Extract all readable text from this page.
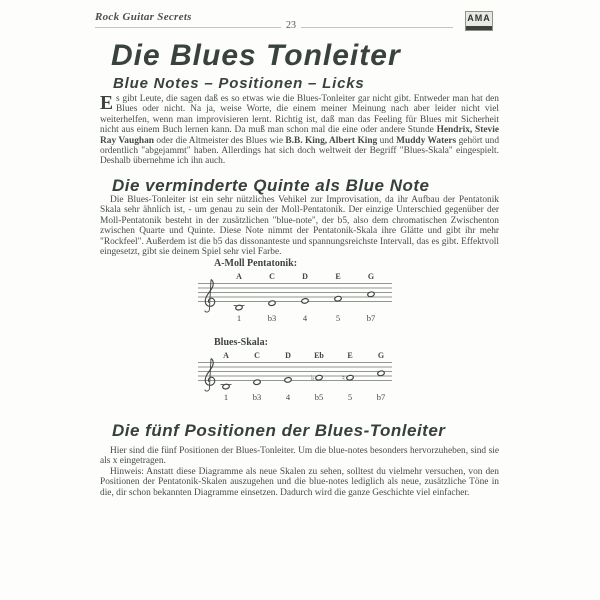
Rock Guitar Secrets
23
AMA
Die Blues Tonleiter
Blue Notes – Positionen – Licks

Es gibt Leute, die sagen daß es so etwas wie die Blues-Tonleiter gar nicht gibt. Entweder man hat den Blues oder nicht. Na ja, weise Worte, die einem meiner Meinung nach aber leider nicht viel weiterhelfen, wenn man improvisieren lernt. Richtig ist, daß man das Feeling für Blues mit Sicherheit nicht aus einem Buch lernen kann. Da muß man schon mal die eine oder andere Stunde Hendrix, Stevie Ray Vaughan oder die Altmeister des Blues wie B.B. King, Albert King und Muddy Waters gehört und ordentlich "abgejammt" haben. Allerdings hat sich doch weltweit der Begriff "Blues-Skala" eingespielt. Deshalb übernehme ich ihn auch.

Die verminderte Quinte als Blue Note

Die Blues-Tonleiter ist ein sehr nützliches Vehikel zur Improvisation, da ihr Aufbau der Pentatonik Skala sehr ähnlich ist, - um genau zu sein der Moll-Pentatonik. Der einzige Unterschied gegenüber der Moll-Pentatonik besteht in der zusätzlichen "blue-note", der b5, also dem chromatischen Zwischenton zwischen Quarte und Quinte. Diese Note nimmt der Pentatonik-Skala ihre Glätte und gibt ihr mehr "Rockfeel". Außerdem ist die b5 das dissonanteste und spannungsreichste Intervall, das es gibt. Effektvoll eingesetzt, gibt sie deinem Spiel sehr viel Farbe.

A-Moll Pentatonik:

A
1
C
b3
D
4
E
5
G
b7

Blues-Skala:

A
1
C
b3
D
4
Eb
♭
b5
E
♮
5
G
b7
Die fünf Positionen der Blues-Tonleiter

Hier sind die fünf Positionen der Blues-Tonleiter. Um die blue-notes besonders hervorzuheben, sind sie als x eingetragen.

Hinweis: Anstatt diese Diagramme als neue Skalen zu sehen, solltest du vielmehr versuchen, von den Positionen der Pentatonik-Skalen auszugehen und die blue-notes lediglich als neue, zusätzliche Töne in die, dir schon bekannten Diagramme einsetzen. Dadurch wird die ganze Geschichte viel einfacher.
